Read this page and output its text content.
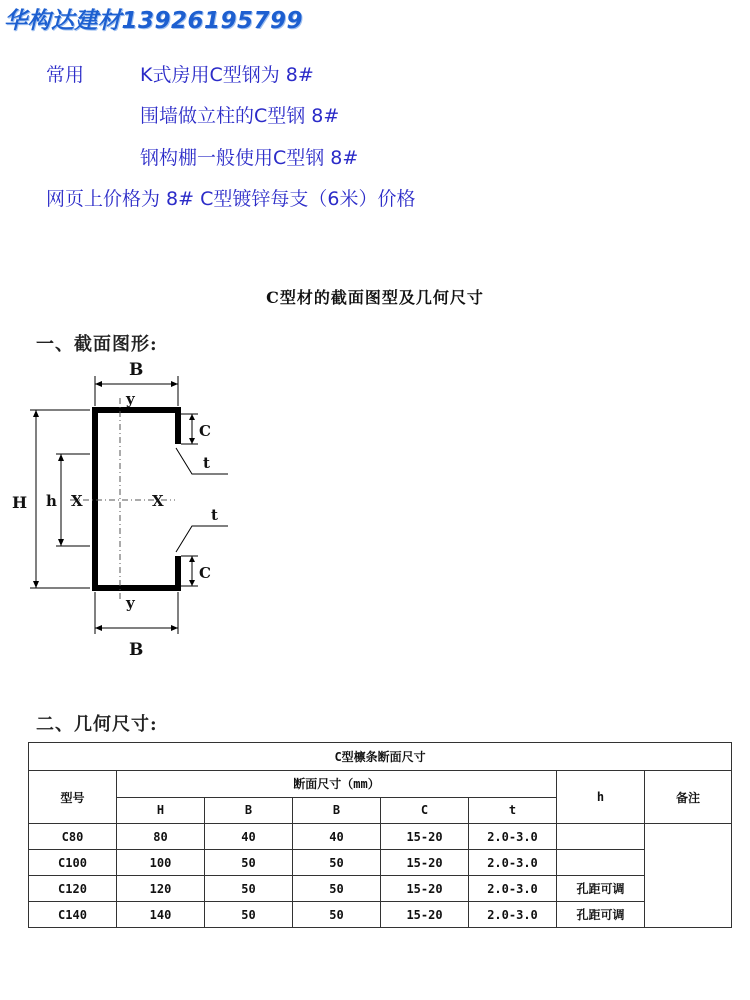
华构达建材13926195799
常用	K式房用C型钢为 8#
围墙做立柱的C型钢 8#
钢构棚一般使用C型钢 8#
网页上价格为 8# C型镀锌每支（6米）价格
C型材的截面图型及几何尺寸
一、截面图形:
B
y
C
t
H h X	X
t
C
y
B
二、几何尺寸:
C型檩条断面尺寸							
型号	断面尺寸（mm）					h	备注
	H	B	B	C	t		
C80	80	40	40	15-20	2.0-3.0		
C100	100	50	50	15-20	2.0-3.0		
C120	120	50	50	15-20	2.0-3.0	孔距可调	
C140	140	50	50	15-20	2.0-3.0	孔距可调	
